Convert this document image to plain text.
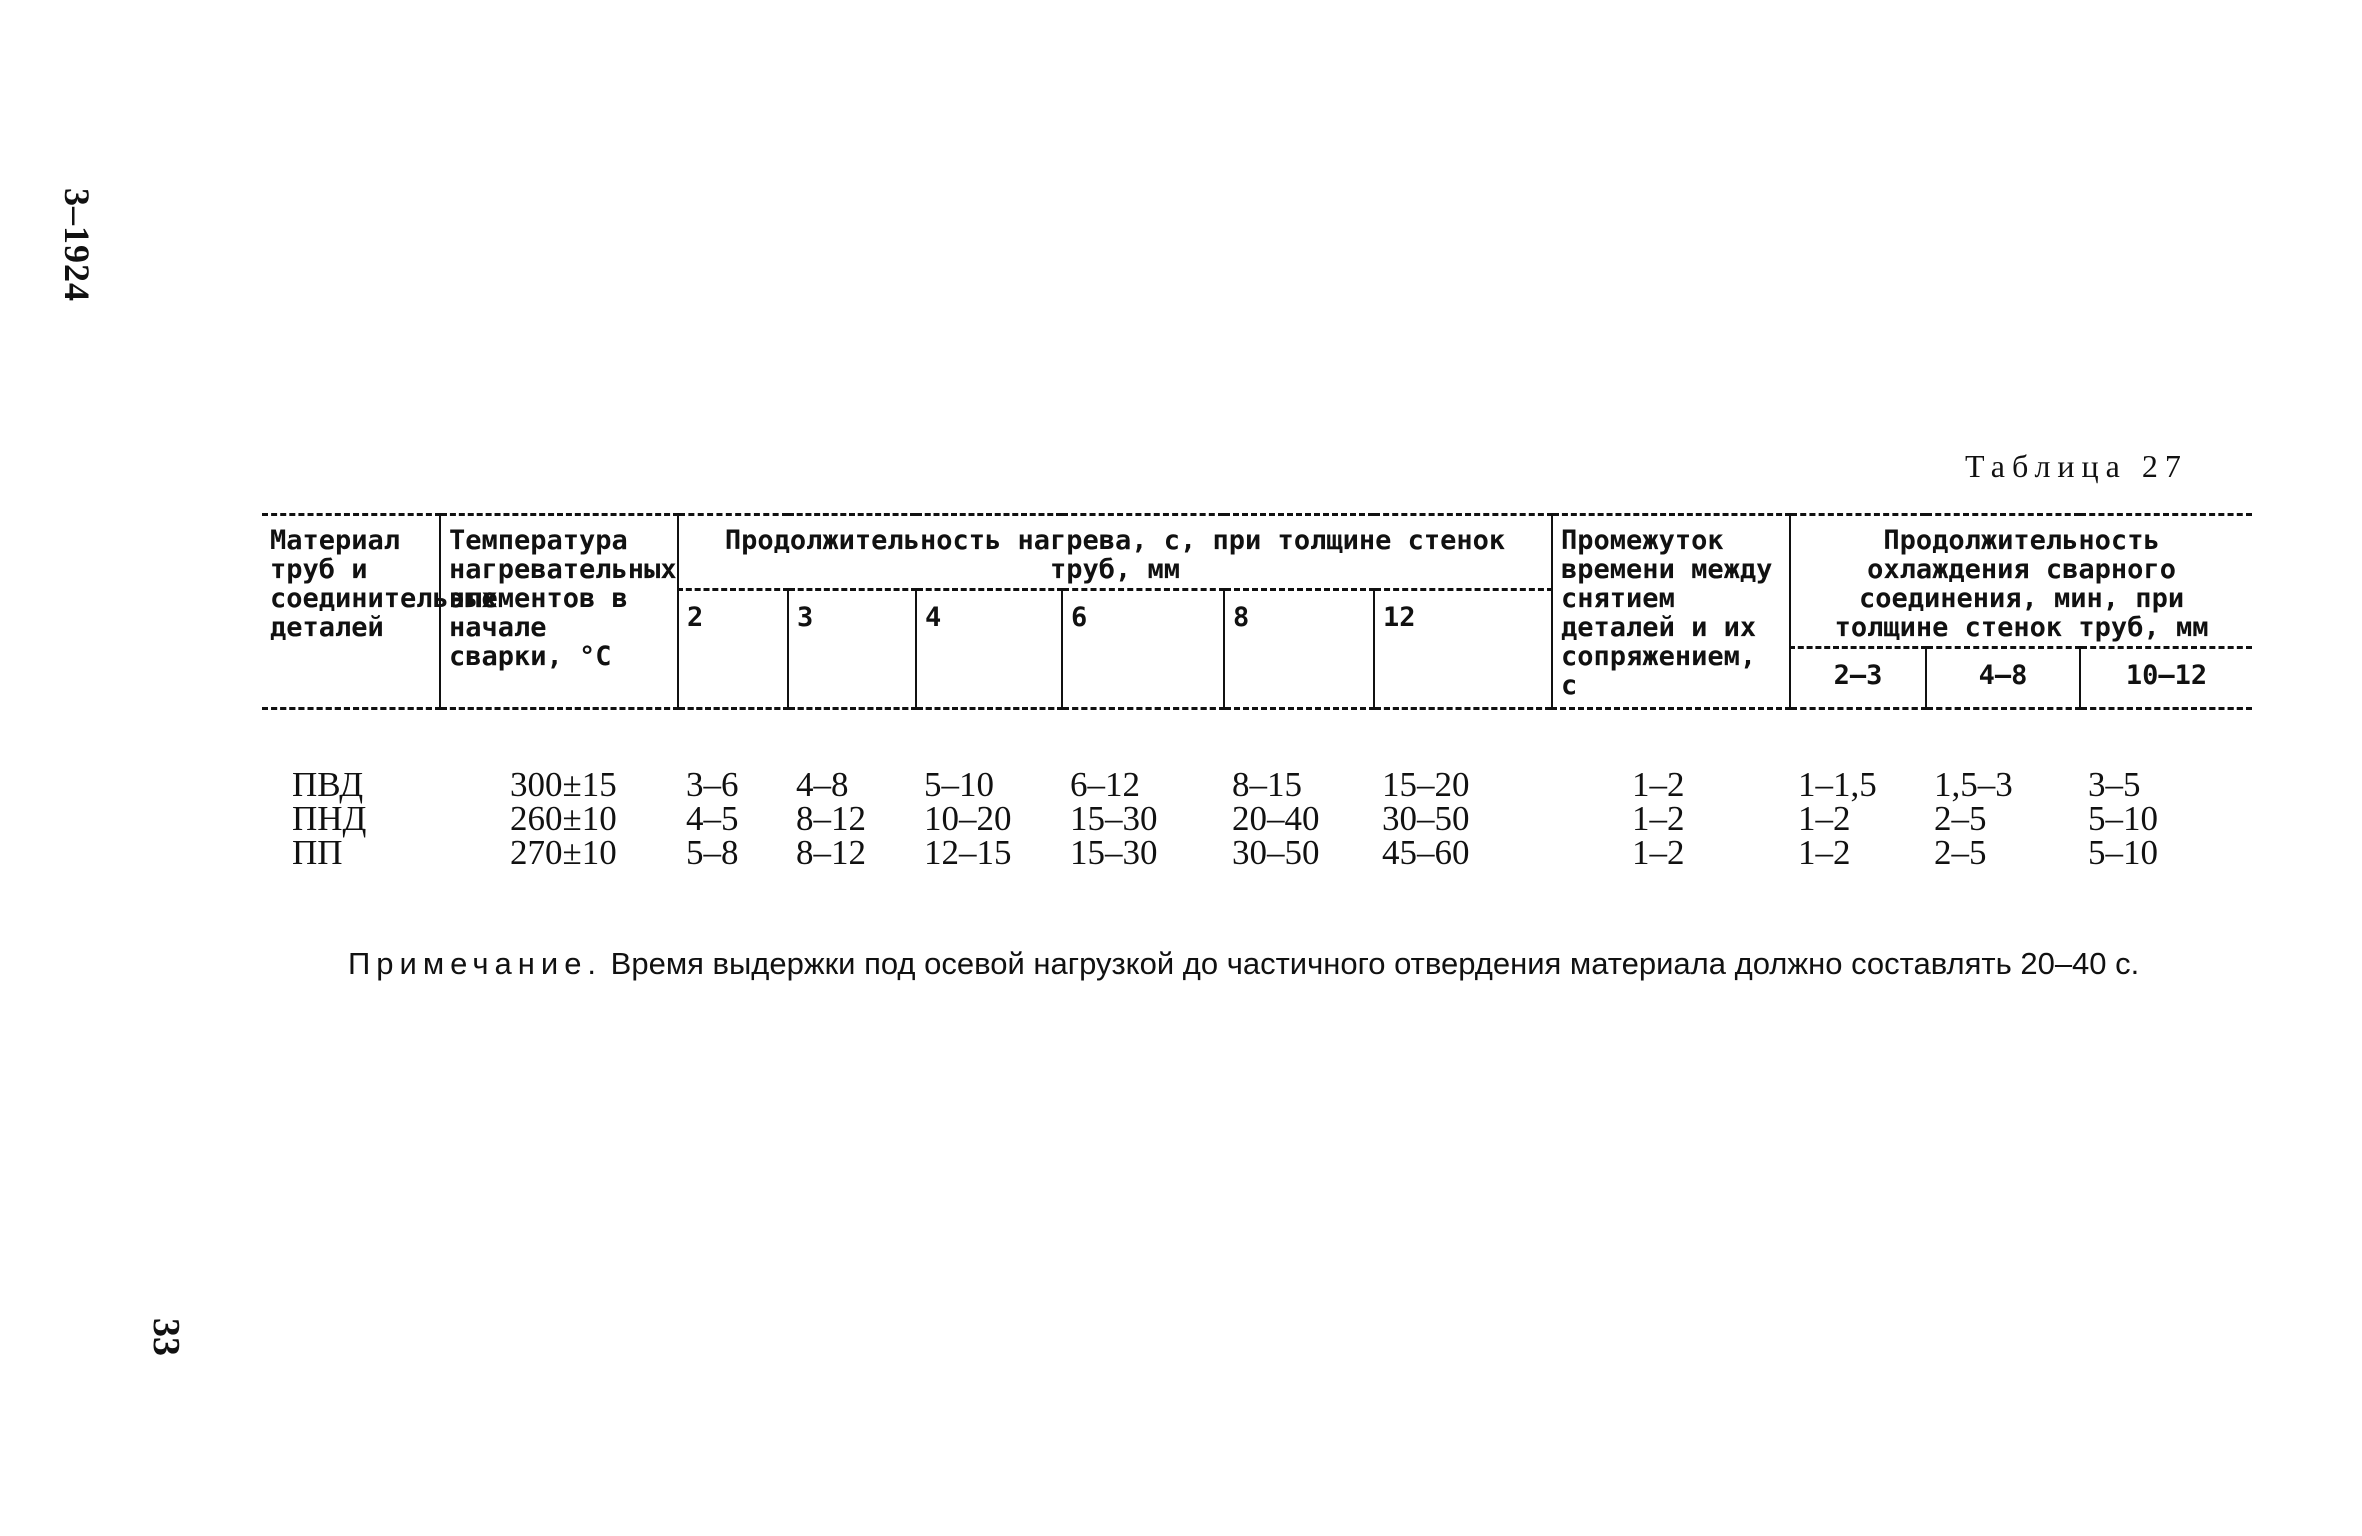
3–1924
33
Таблица 27
Материал труб и соединительных деталей	Температура нагревательных элементов в начале сварки, °С	Продолжительность нагрева, с, при толщине стенок труб, мм						Промежуток времени между снятием деталей и их сопряжением, с	Продолжительность охлаждения сварного соединения, мин, при толщине стенок труб, мм		
		2	3	4	6	8	12				
									2–3	4–8	10–12
ПВД	300±15	3–6	4–8	5–10	6–12	8–15	15–20	1–2	1–1,5	1,5–3	3–5
ПНД	260±10	4–5	8–12	10–20	15–30	20–40	30–50	1–2	1–2	2–5	5–10
ПП	270±10	5–8	8–12	12–15	15–30	30–50	45–60	1–2	1–2	2–5	5–10
Примечание. Время выдержки под осевой нагрузкой до частичного отвердения материала должно составлять 20–40 с.
